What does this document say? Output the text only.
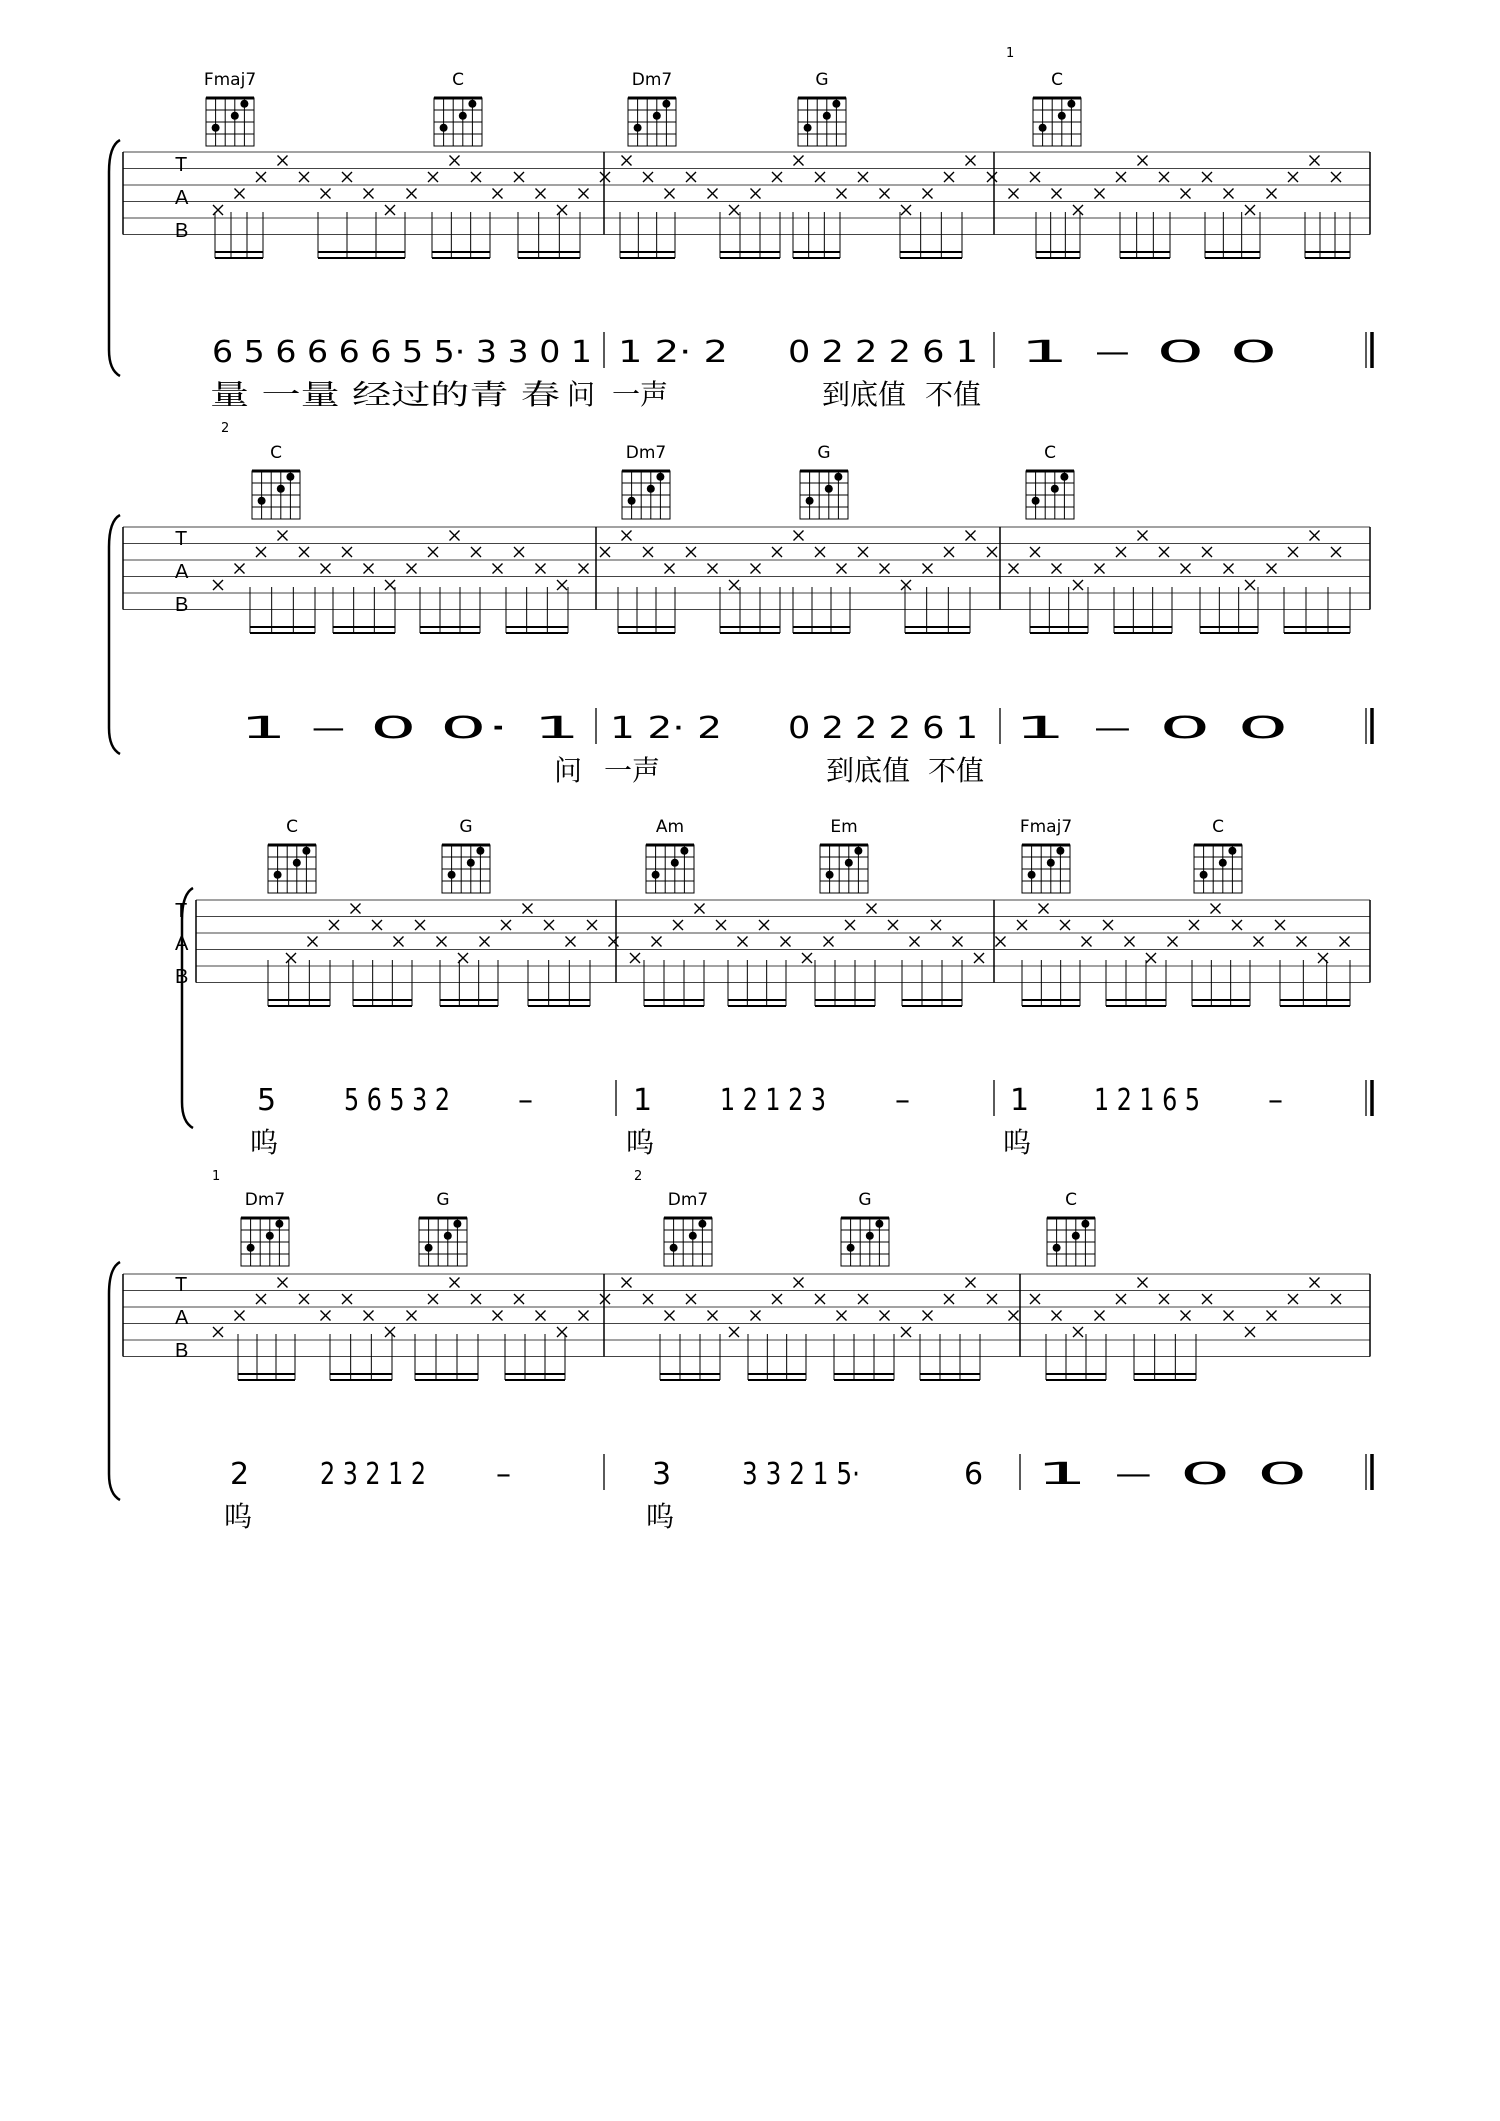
Fmaj7	C	Dm7	G	C
T
A
B
1
6 5 6 6 6 6 5 5· 3 3 0 1 1 2· 2 0 2 2 2 6 1 1 – 0 0
量 一量 经过的青 春 问 一声	到底值 不值
2
C	Dm7	G	C
T
A
B
1 – 0 0· 1 1 2· 2 0 2 2 2 6 1 1 – 0 0
问 一声	到底值 不值
C	G	Am	Em	Fmaj7	C
T
A
B
5 5 6 5 3 2 –	1 1 2 1 2 3 –	1 1 2 1 6 5 –
呜	呜	呜
1	2
Dm7	G	Dm7	G	C
T
A
B
2 2 3 2 1 2 –	3 3 3 2 1 5·	6 1 – 0 0
呜	呜
